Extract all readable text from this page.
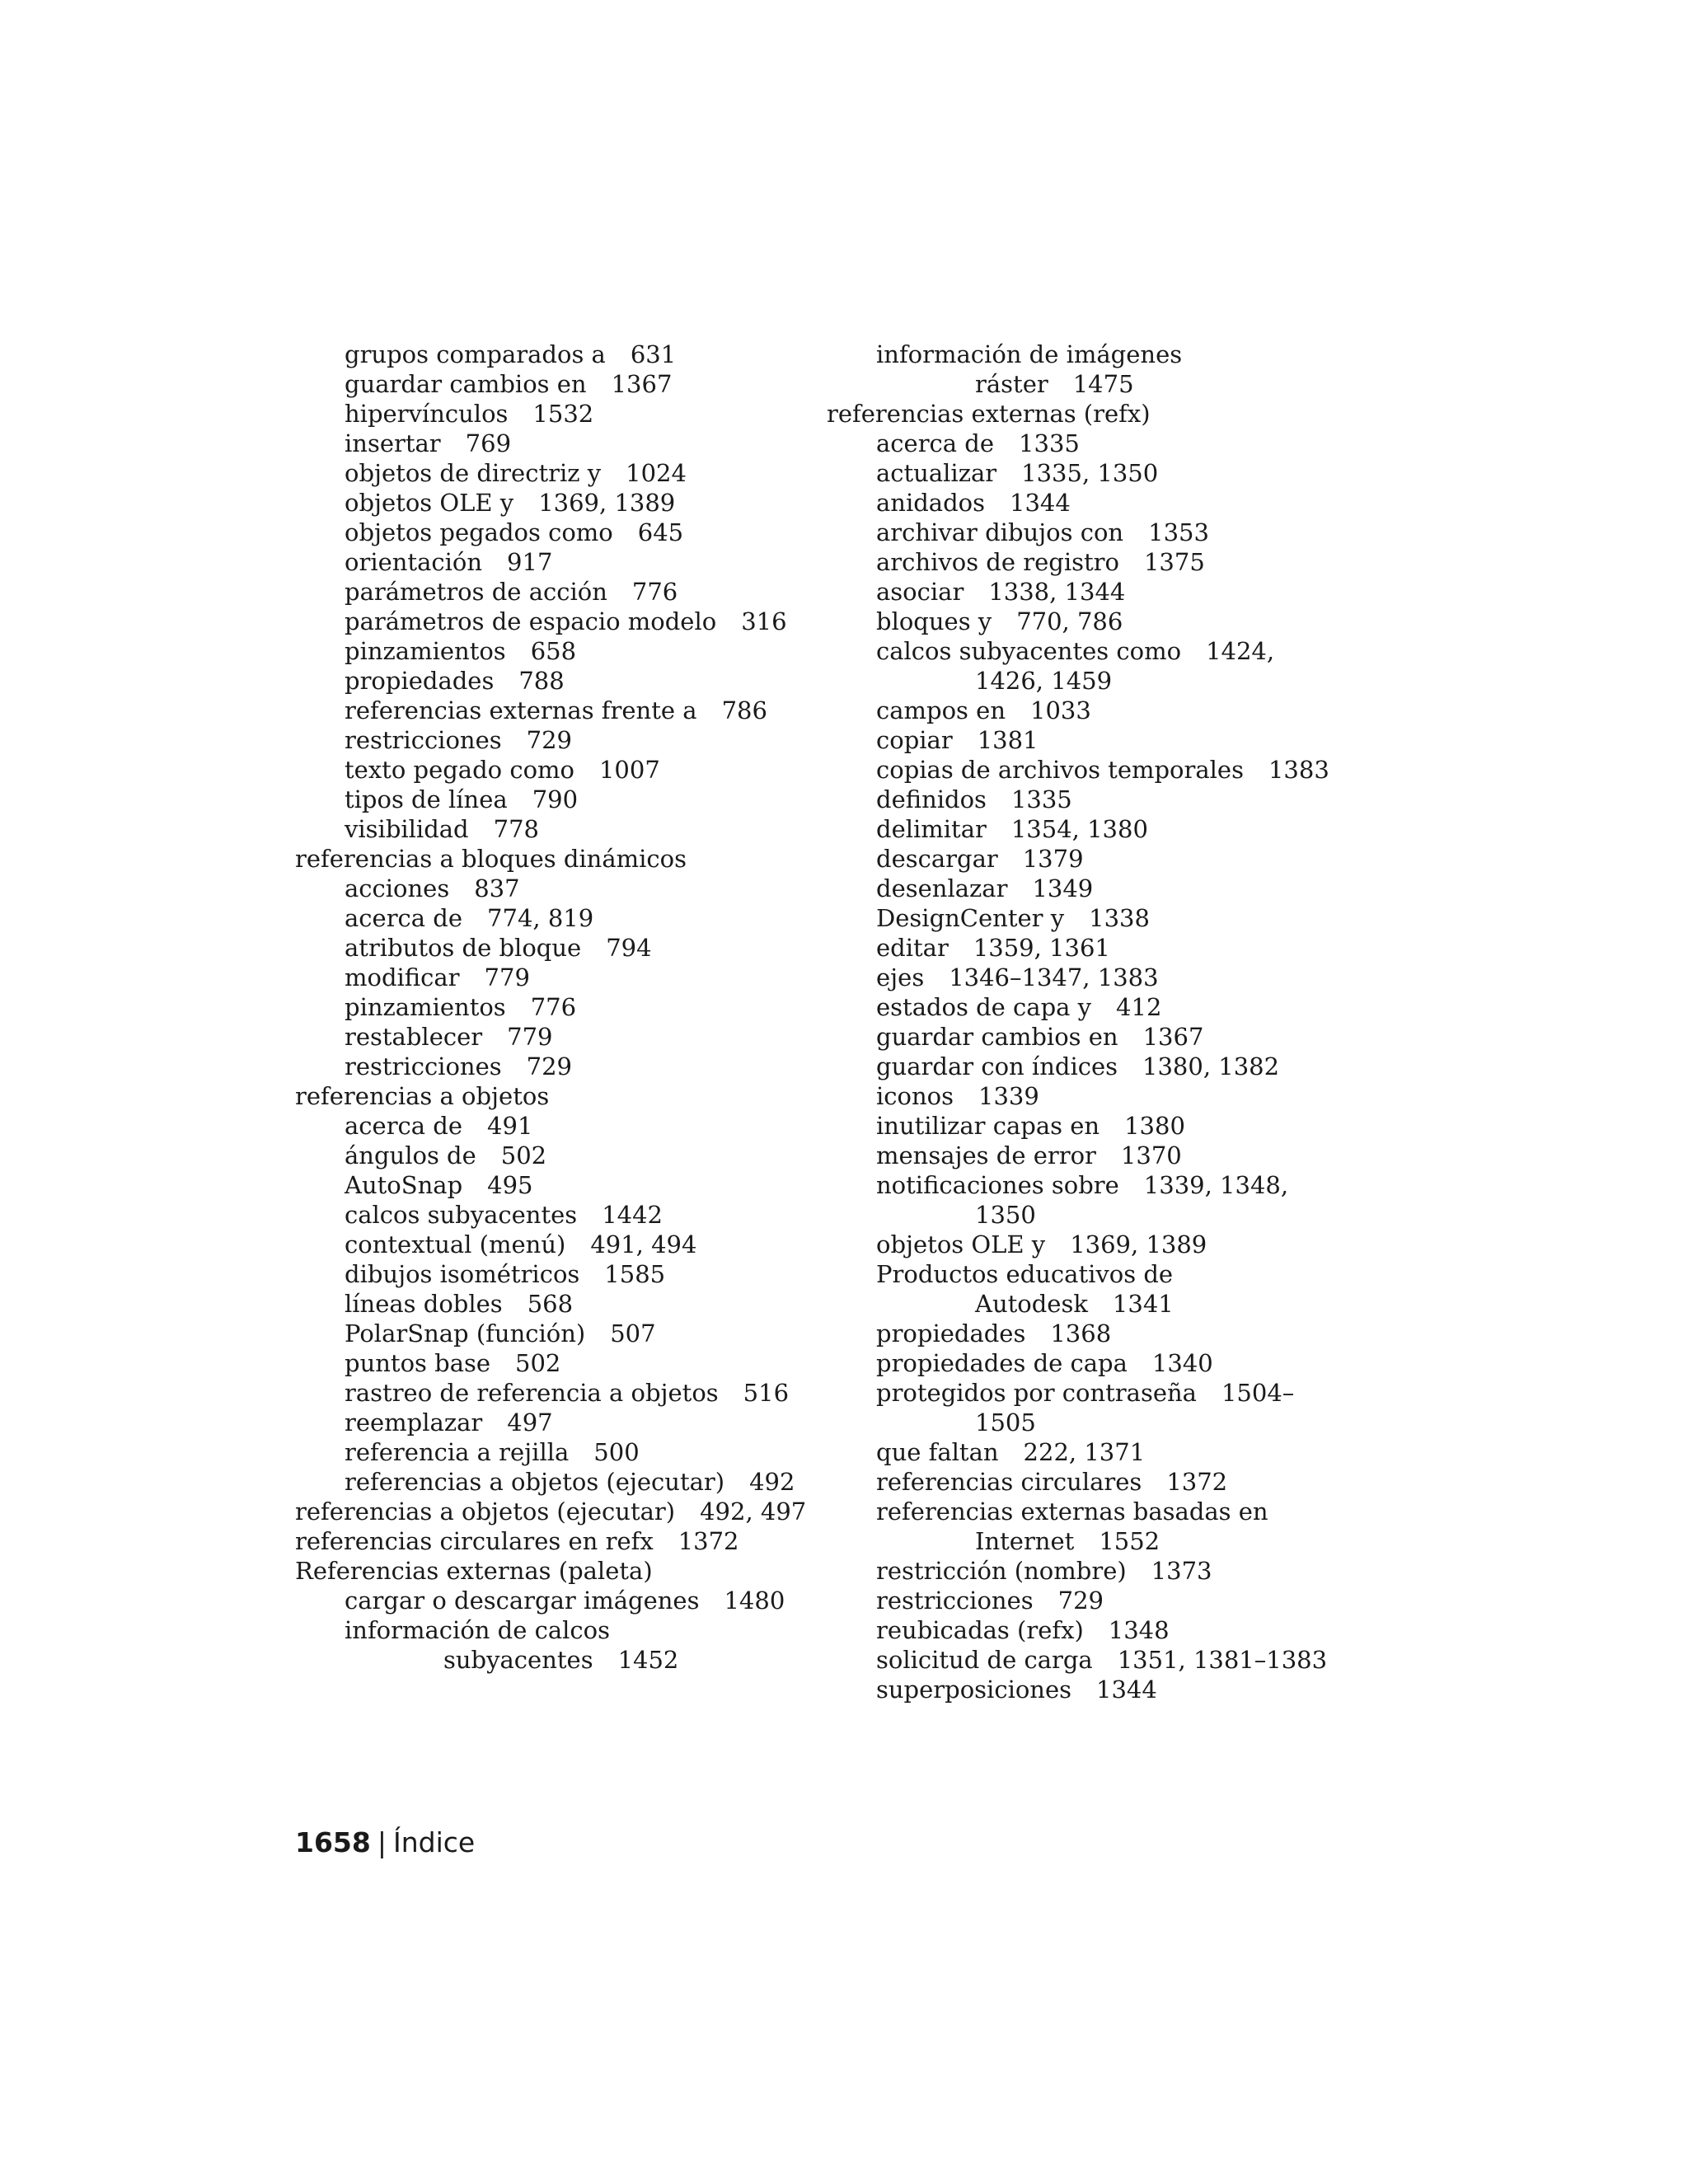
grupos comparados a 631
guardar cambios en 1367
hipervínculos 1532
insertar 769
objetos de directriz y 1024
objetos OLE y 1369, 1389
objetos pegados como 645
orientación 917
parámetros de acción 776
parámetros de espacio modelo 316
pinzamientos 658
propiedades 788
referencias externas frente a 786
restricciones 729
texto pegado como 1007
tipos de línea 790
visibilidad 778
referencias a bloques dinámicos
acciones 837
acerca de 774, 819
atributos de bloque 794
modificar 779
pinzamientos 776
restablecer 779
restricciones 729
referencias a objetos
acerca de 491
ángulos de 502
AutoSnap 495
calcos subyacentes 1442
contextual (menú) 491, 494
dibujos isométricos 1585
líneas dobles 568
PolarSnap (función) 507
puntos base 502
rastreo de referencia a objetos 516
reemplazar 497
referencia a rejilla 500
referencias a objetos (ejecutar) 492
referencias a objetos (ejecutar) 492, 497
referencias circulares en refx 1372
Referencias externas (paleta)
cargar o descargar imágenes 1480
información de calcos
subyacentes 1452
información de imágenes
ráster 1475
referencias externas (refx)
acerca de 1335
actualizar 1335, 1350
anidados 1344
archivar dibujos con 1353
archivos de registro 1375
asociar 1338, 1344
bloques y 770, 786
calcos subyacentes como 1424,
1426, 1459
campos en 1033
copiar 1381
copias de archivos temporales 1383
definidos 1335
delimitar 1354, 1380
descargar 1379
desenlazar 1349
DesignCenter y 1338
editar 1359, 1361
ejes 1346–1347, 1383
estados de capa y 412
guardar cambios en 1367
guardar con índices 1380, 1382
iconos 1339
inutilizar capas en 1380
mensajes de error 1370
notificaciones sobre 1339, 1348,
1350
objetos OLE y 1369, 1389
Productos educativos de
Autodesk 1341
propiedades 1368
propiedades de capa 1340
protegidos por contraseña 1504–
1505
que faltan 222, 1371
referencias circulares 1372
referencias externas basadas en
Internet 1552
restricción (nombre) 1373
restricciones 729
reubicadas (refx) 1348
solicitud de carga 1351, 1381–1383
superposiciones 1344
1658 | Índice
